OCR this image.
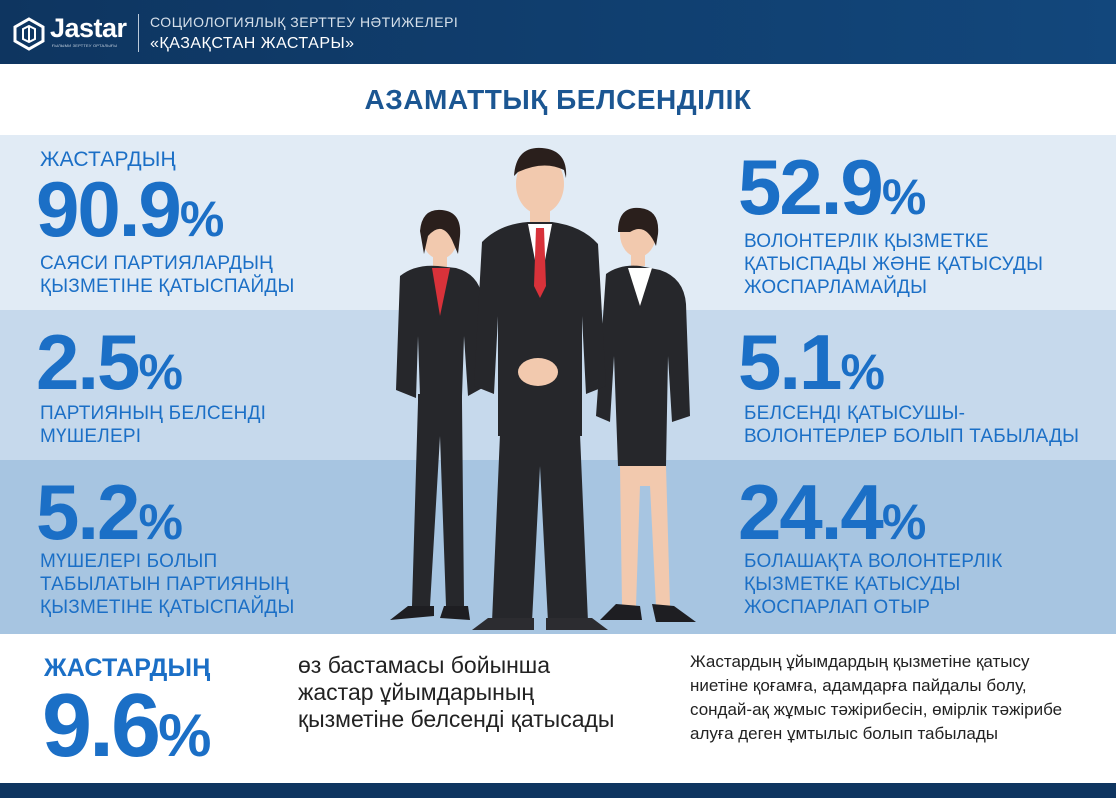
Jastar
ҒЫЛЫМИ ЗЕРТТЕУ ОРТАЛЫҒЫ
СОЦИОЛОГИЯЛЫҚ ЗЕРТТЕУ НӘТИЖЕЛЕРІ
«ҚАЗАҚСТАН ЖАСТАРЫ»
АЗАМАТТЫҚ БЕЛСЕНДІЛІК
ЖАСТАРДЫҢ
90.9%
САЯСИ ПАРТИЯЛАРДЫҢ
ҚЫЗМЕТІНЕ ҚАТЫСПАЙДЫ
2.5%
ПАРТИЯНЫҢ БЕЛСЕНДІ
МҮШЕЛЕРІ
5.2%
МҮШЕЛЕРІ БОЛЫП
ТАБЫЛАТЫН ПАРТИЯНЫҢ
ҚЫЗМЕТІНЕ ҚАТЫСПАЙДЫ
52.9%
ВОЛОНТЕРЛІК ҚЫЗМЕТКЕ
ҚАТЫСПАДЫ ЖӘНЕ ҚАТЫСУДЫ
ЖОСПАРЛАМАЙДЫ
5.1%
БЕЛСЕНДІ ҚАТЫСУШЫ-
ВОЛОНТЕРЛЕР БОЛЫП ТАБЫЛАДЫ
24.4%
БОЛАШАҚТА ВОЛОНТЕРЛІК
ҚЫЗМЕТКЕ ҚАТЫСУДЫ
ЖОСПАРЛАП ОТЫР
ЖАСТАРДЫҢ
9.6%
өз бастамасы бойынша жастар ұйымдарының қызметіне белсенді қатысады
Жастардың ұйымдардың қызметіне қатысу ниетіне қоғамға, адамдарға пайдалы болу, сондай-ақ жұмыс тәжірибесін, өмірлік тәжірибе алуға деген ұмтылыс болып табылады
